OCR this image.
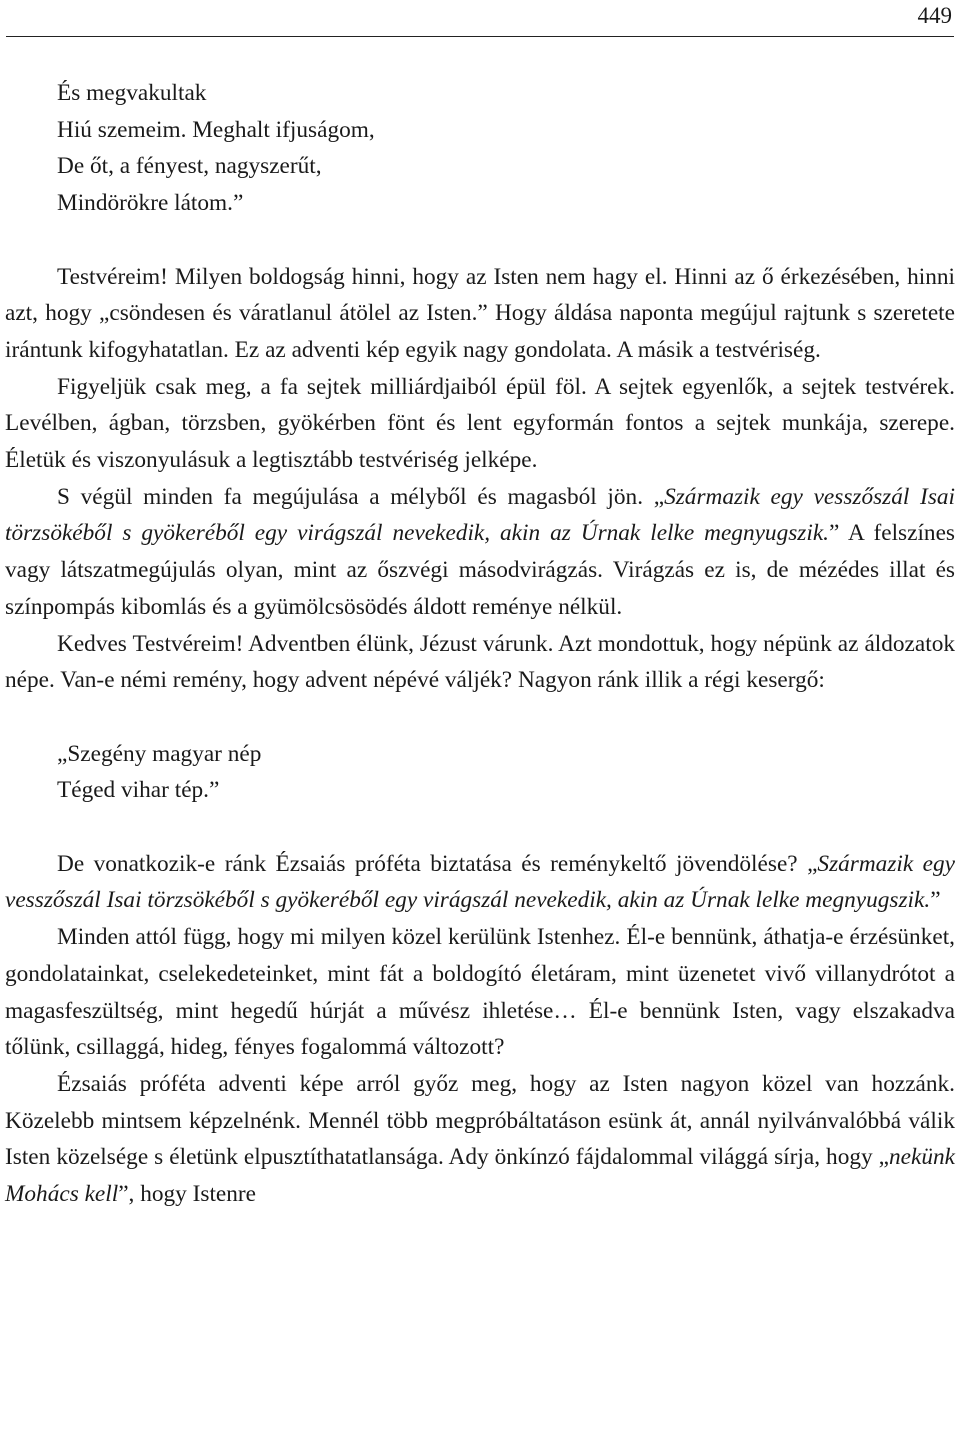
449
És megvakultak
Hiú szemeim. Meghalt ifjuságom,
De őt, a fényest, nagyszerűt,
Mindörökre látom.”

Testvéreim! Milyen boldogság hinni, hogy az Isten nem hagy el. Hinni az ő érkezésében, hinni azt, hogy „csöndesen és váratlanul átölel az Isten.” Hogy áldása naponta megújul rajtunk s szeretete irántunk kifogyhatatlan. Ez az adventi kép egyik nagy gondolata. A másik a testvériség.

Figyeljük csak meg, a fa sejtek milliárdjaiból épül föl. A sejtek egyenlők, a sejtek testvérek. Levélben, ágban, törzsben, gyökérben fönt és lent egyformán fontos a sejtek munkája, szerepe. Életük és viszonyulásuk a legtisztább testvériség jelképe.

S végül minden fa megújulása a mélyből és magasból jön. „Származik egy vesszőszál Isai törzsökéből s gyökeréből egy virágszál nevekedik, akin az Úrnak lelke megnyugszik.” A felszínes vagy látszatmegújulás olyan, mint az őszvégi másodvirágzás. Virágzás ez is, de mézédes illat és színpompás kibomlás és a gyümölcsösödés áldott reménye nélkül.

Kedves Testvéreim! Adventben élünk, Jézust várunk. Azt mondottuk, hogy népünk az áldozatok népe. Van-e némi remény, hogy advent népévé váljék? Nagyon ránk illik a régi kesergő:

„Szegény magyar nép
Téged vihar tép.”

De vonatkozik-e ránk Ézsaiás próféta biztatása és reménykeltő jövendölése? „Származik egy vesszőszál Isai törzsökéből s gyökeréből egy virágszál nevekedik, akin az Úrnak lelke megnyugszik.”

Minden attól függ, hogy mi milyen közel kerülünk Istenhez. Él-e bennünk, áthatja-e érzésünket, gondolatainkat, cselekedeteinket, mint fát a boldogító életáram, mint üzenetet vivő villanydrótot a magasfeszültség, mint hegedű húrját a művész ihletése… Él-e bennünk Isten, vagy elszakadva tőlünk, csillaggá, hideg, fényes fogalommá változott?

Ézsaiás próféta adventi képe arról győz meg, hogy az Isten nagyon közel van hozzánk. Közelebb mintsem képzelnénk. Mennél több megpróbáltatáson esünk át, annál nyilvánvalóbbá válik Isten közelsége s életünk elpusztíthatatlansága. Ady önkínzó fájdalommal világgá sírja, hogy „nekünk Mohács kell”, hogy Istenre
